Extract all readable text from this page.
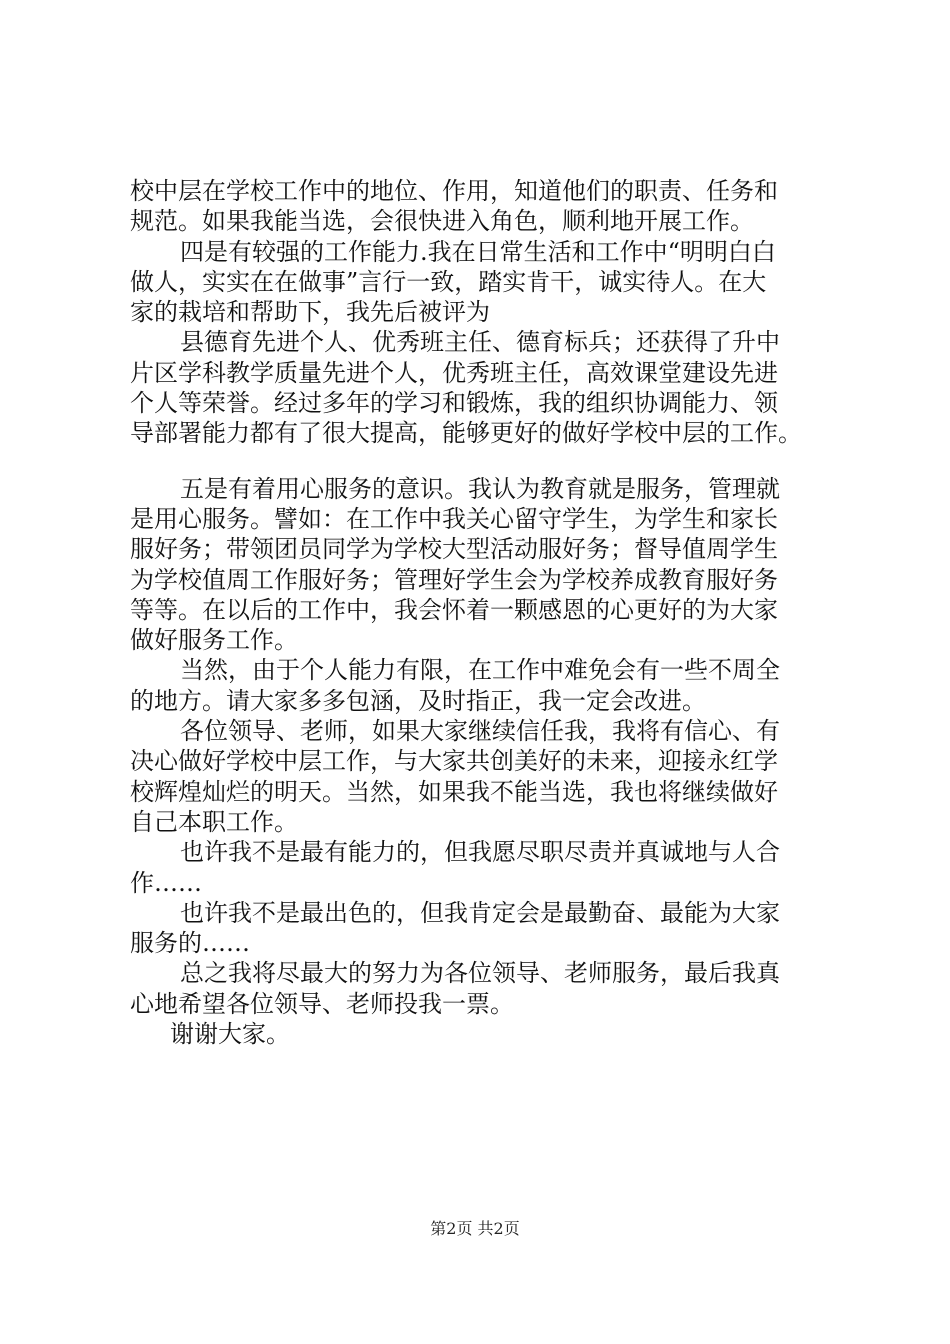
校中层在学校工作中的地位、作用，知道他们的职责、任务和
规范。如果我能当选，会很快进入角色，顺利地开展工作。
四是有较强的工作能力.我在日常生活和工作中“明明白白
做人，实实在在做事”言行一致，踏实肯干，诚实待人。在大
家的栽培和帮助下，我先后被评为
县德育先进个人、优秀班主任、德育标兵；还获得了升中
片区学科教学质量先进个人，优秀班主任，高效课堂建设先进
个人等荣誉。经过多年的学习和锻炼，我的组织协调能力、领
导部署能力都有了很大提高，能够更好的做好学校中层的工作。
五是有着用心服务的意识。我认为教育就是服务，管理就
是用心服务。譬如：在工作中我关心留守学生，为学生和家长
服好务；带领团员同学为学校大型活动服好务；督导值周学生
为学校值周工作服好务；管理好学生会为学校养成教育服好务
等等。在以后的工作中，我会怀着一颗感恩的心更好的为大家
做好服务工作。
当然，由于个人能力有限，在工作中难免会有一些不周全
的地方。请大家多多包涵，及时指正，我一定会改进。
各位领导、老师，如果大家继续信任我，我将有信心、有
决心做好学校中层工作，与大家共创美好的未来，迎接永红学
校辉煌灿烂的明天。当然，如果我不能当选，我也将继续做好
自己本职工作。
也许我不是最有能力的，但我愿尽职尽责并真诚地与人合
作……
也许我不是最出色的，但我肯定会是最勤奋、最能为大家
服务的……
总之我将尽最大的努力为各位领导、老师服务，最后我真
心地希望各位领导、老师投我一票。
谢谢大家。
第2页 共2页
